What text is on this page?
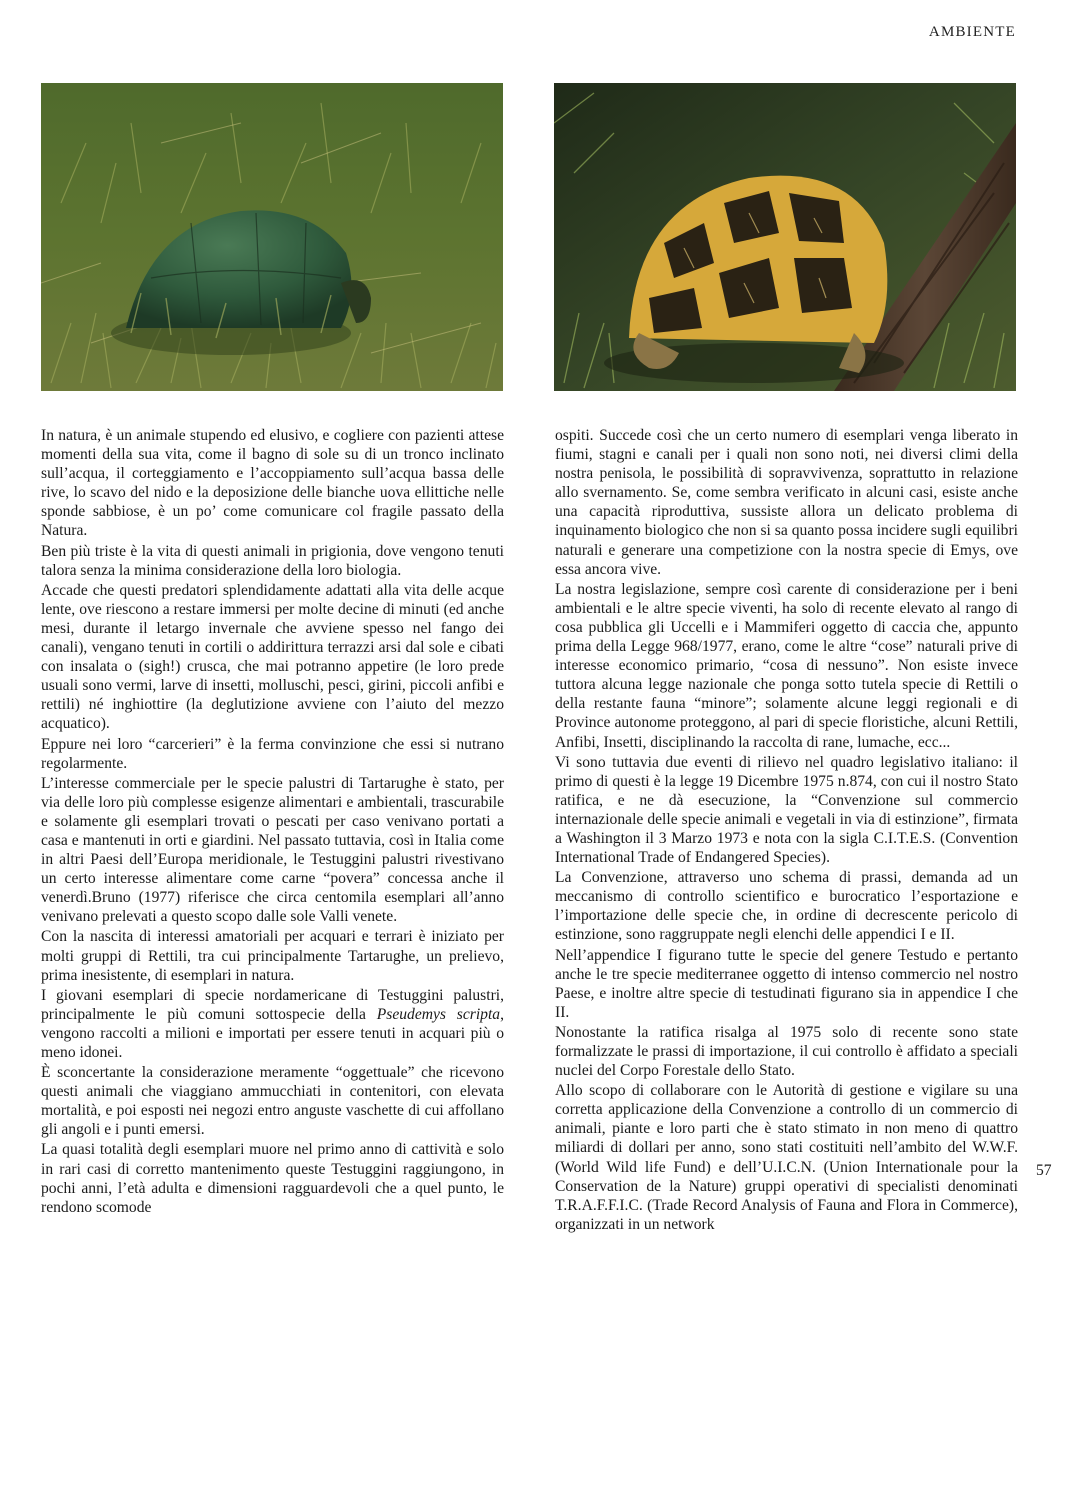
AMBIENTE

In natura, è un animale stupendo ed elusivo, e cogliere con pazienti attese momenti della sua vita, come il bagno di sole su di un tronco inclinato sull’acqua, il corteggiamento e l’accoppiamento sull’acqua bassa delle rive, lo scavo del nido e la deposizione delle bianche uova ellittiche nelle sponde sabbiose, è un po’ come comunicare col fragile passato della Natura.

Ben più triste è la vita di questi animali in prigionia, dove vengono tenuti talora senza la minima considerazione della loro biologia.

Accade che questi predatori splendidamente adattati alla vita delle acque lente, ove riescono a restare immersi per molte decine di minuti (ed anche mesi, durante il letargo invernale che avviene spesso nel fango dei canali), vengano tenuti in cortili o addirittura terrazzi arsi dal sole e cibati con insalata o (sigh!) crusca, che mai potranno appetire (le loro prede usuali sono vermi, larve di insetti, molluschi, pesci, girini, piccoli anfibi e rettili) né inghiottire (la deglutizione avviene con l’aiuto del mezzo acquatico).

Eppure nei loro “carcerieri” è la ferma convinzione che essi si nutrano regolarmente.

L’interesse commerciale per le specie palustri di Tartarughe è stato, per via delle loro più complesse esigenze alimentari e ambientali, trascurabile e solamente gli esemplari trovati o pescati per caso venivano portati a casa e mantenuti in orti e giardini. Nel passato tuttavia, così in Italia come in altri Paesi dell’Europa meridionale, le Testuggini palustri rivestivano un certo interesse alimentare come carne “povera” concessa anche il venerdì.Bruno (1977) riferisce che circa centomila esemplari all’anno venivano prelevati a questo scopo dalle sole Valli venete.

Con la nascita di interessi amatoriali per acquari e terrari è iniziato per molti gruppi di Rettili, tra cui principalmente Tartarughe, un prelievo, prima inesistente, di esemplari in natura.

I giovani esemplari di specie nordamericane di Testuggini palustri, principalmente le più comuni sottospecie della Pseudemys scripta, vengono raccolti a milioni e importati per essere tenuti in acquari più o meno idonei.

È sconcertante la considerazione meramente “oggettuale” che ricevono questi animali che viaggiano ammucchiati in contenitori, con elevata mortalità, e poi esposti nei negozi entro anguste vaschette di cui affollano gli angoli e i punti emersi.

La quasi totalità degli esemplari muore nel primo anno di cattività e solo in rari casi di corretto mantenimento queste Testuggini raggiungono, in pochi anni, l’età adulta e dimensioni ragguardevoli che a quel punto, le rendono scomode

ospiti. Succede così che un certo numero di esemplari venga liberato in fiumi, stagni e canali per i quali non sono noti, nei diversi climi della nostra penisola, le possibilità di sopravvivenza, soprattutto in relazione allo svernamento. Se, come sembra verificato in alcuni casi, esiste anche una capacità riproduttiva, sussiste allora un delicato problema di inquinamento biologico che non si sa quanto possa incidere sugli equilibri naturali e generare una competizione con la nostra specie di Emys, ove essa ancora vive.

La nostra legislazione, sempre così carente di considerazione per i beni ambientali e le altre specie viventi, ha solo di recente elevato al rango di cosa pubblica gli Uccelli e i Mammiferi oggetto di caccia che, appunto prima della Legge 968/1977, erano, come le altre “cose” naturali prive di interesse economico primario, “cosa di nessuno”. Non esiste invece tuttora alcuna legge nazionale che ponga sotto tutela specie di Rettili o della restante fauna “minore”; solamente alcune leggi regionali e di Province autonome proteggono, al pari di specie floristiche, alcuni Rettili, Anfibi, Insetti, disciplinando la raccolta di rane, lumache, ecc...

Vi sono tuttavia due eventi di rilievo nel quadro legislativo italiano: il primo di questi è la legge 19 Dicembre 1975 n.874, con cui il nostro Stato ratifica, e ne dà esecuzione, la “Convenzione sul commercio internazionale delle specie animali e vegetali in via di estinzione”, firmata a Washington il 3 Marzo 1973 e nota con la sigla C.I.T.E.S. (Convention International Trade of Endangered Species).

La Convenzione, attraverso uno schema di prassi, demanda ad un meccanismo di controllo scientifico e burocratico l’esportazione e l’importazione delle specie che, in ordine di decrescente pericolo di estinzione, sono raggruppate negli elenchi delle appendici I e II.

Nell’appendice I figurano tutte le specie del genere Testudo e pertanto anche le tre specie mediterranee oggetto di intenso commercio nel nostro Paese, e inoltre altre specie di testudinati figurano sia in appendice I che II.

Nonostante la ratifica risalga al 1975 solo di recente sono state formalizzate le prassi di importazione, il cui controllo è affidato a speciali nuclei del Corpo Forestale dello Stato.

Allo scopo di collaborare con le Autorità di gestione e vigilare su una corretta applicazione della Convenzione a controllo di un commercio di animali, piante e loro parti che è stato stimato in non meno di quattro miliardi di dollari per anno, sono stati costituiti nell’ambito del W.W.F. (World Wild life Fund) e dell’U.I.C.N. (Union Internationale pour la Conservation de la Nature) gruppi operativi di specialisti denominati T.R.A.F.F.I.C. (Trade Record Analysis of Fauna and Flora in Commerce), organizzati in un network

57
